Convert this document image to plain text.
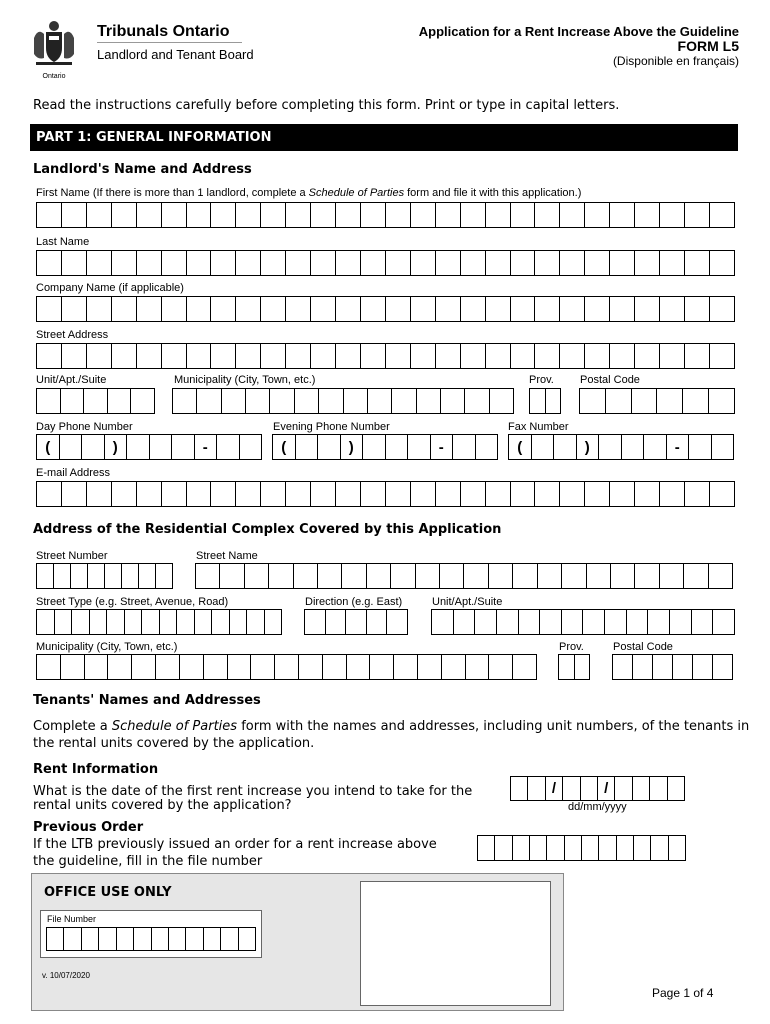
Ontario
Tribunals Ontario
Landlord and Tenant Board
Application for a Rent Increase Above the Guideline
FORM L5
(Disponible en français)
Read the instructions carefully before completing this form. Print or type in capital letters.
PART 1: GENERAL INFORMATION
Landlord's Name and Address
First Name (If there is more than 1 landlord, complete a Schedule of Parties form and file it with this application.)
Last Name
Company Name (if applicable)
Street Address
Unit/Apt./Suite	Municipality (City, Town, etc.)	Prov. Postal Code
Day Phone Number	Evening Phone Number	Fax Number
(	)	-	(	)	-	(	)	-
E-mail Address
Address of the Residential Complex Covered by this Application
Street Number	Street Name
Street Type (e.g. Street, Avenue, Road)	Direction (e.g. East)	Unit/Apt./Suite
Municipality (City, Town, etc.)	Prov.	Postal Code
Tenants' Names and Addresses
Complete a Schedule of Parties form with the names and addresses, including unit numbers, of the tenants in
the rental units covered by the application.
Rent Information
What is the date of the first rent increase you intend to take for the
rental units covered by the application?
/	/
dd/mm/yyyy
Previous Order
If the LTB previously issued an order for a rent increase above
the guideline, fill in the file number
OFFICE USE ONLY
File Number
v. 10/07/2020
Page 1 of 4
